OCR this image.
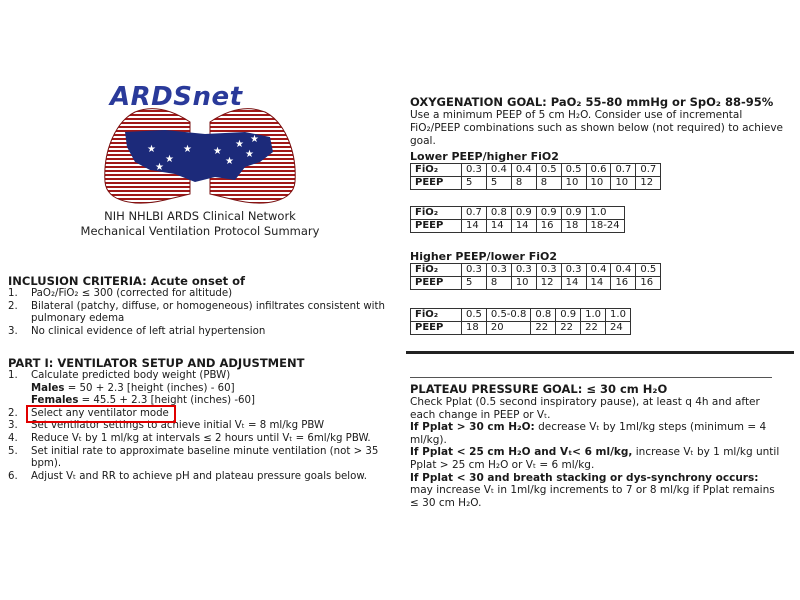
★
★
★
★
★
★
★
★
★
ARDSnet
NIH NHLBI ARDS Clinical Network
Mechanical Ventilation Protocol Summary
INCLUSION CRITERIA: Acute onset of
1. PaO₂/FiO₂ ≤ 300 (corrected for altitude)
2. Bilateral (patchy, diffuse, or homogeneous) infiltrates consistent with pulmonary edema
3. No clinical evidence of left atrial hypertension
PART I: VENTILATOR SETUP AND ADJUSTMENT
1. Calculate predicted body weight (PBW)
Males = 50 + 2.3 [height (inches) - 60]
Females = 45.5 + 2.3 [height (inches) -60]
2. Select any ventilator mode
3. Set ventilator settings to achieve initial Vₜ = 8 ml/kg PBW
4. Reduce Vₜ by 1 ml/kg at intervals ≤ 2 hours until Vₜ = 6ml/kg PBW.
5. Set initial rate to approximate baseline minute ventilation (not > 35 bpm).
6. Adjust Vₜ and RR to achieve pH and plateau pressure goals below.
OXYGENATION GOAL: PaO₂ 55-80 mmHg or SpO₂ 88-95%
Use a minimum PEEP of 5 cm H₂O. Consider use of incremental FiO₂/PEEP combinations such as shown below (not required) to achieve goal.
Lower PEEP/higher FiO2
FiO₂	0.3	0.4	0.4	0.5	0.5	0.6	0.7	0.7
PEEP	5	5	8	8	10	10	10	12
FiO₂	0.7	0.8	0.9	0.9	0.9	1.0
PEEP	14	14	14	16	18	18-24
Higher PEEP/lower FiO2
FiO₂	0.3	0.3	0.3	0.3	0.3	0.4	0.4	0.5
PEEP	5	8	10	12	14	14	16	16
FiO₂	0.5	0.5-0.8	0.8	0.9	1.0	1.0
PEEP	18	20	22	22	22	24
PLATEAU PRESSURE GOAL: ≤ 30 cm H₂O
Check Pplat (0.5 second inspiratory pause), at least q 4h and after each change in PEEP or Vₜ.
If Pplat > 30 cm H₂O: decrease Vₜ by 1ml/kg steps (minimum = 4 ml/kg).
If Pplat < 25 cm H₂O and Vₜ< 6 ml/kg, increase Vₜ by 1 ml/kg until Pplat > 25 cm H₂O or Vₜ = 6 ml/kg.
If Pplat < 30 and breath stacking or dys-synchrony occurs: may increase Vₜ in 1ml/kg increments to 7 or 8 ml/kg if Pplat remains ≤ 30 cm H₂O.
